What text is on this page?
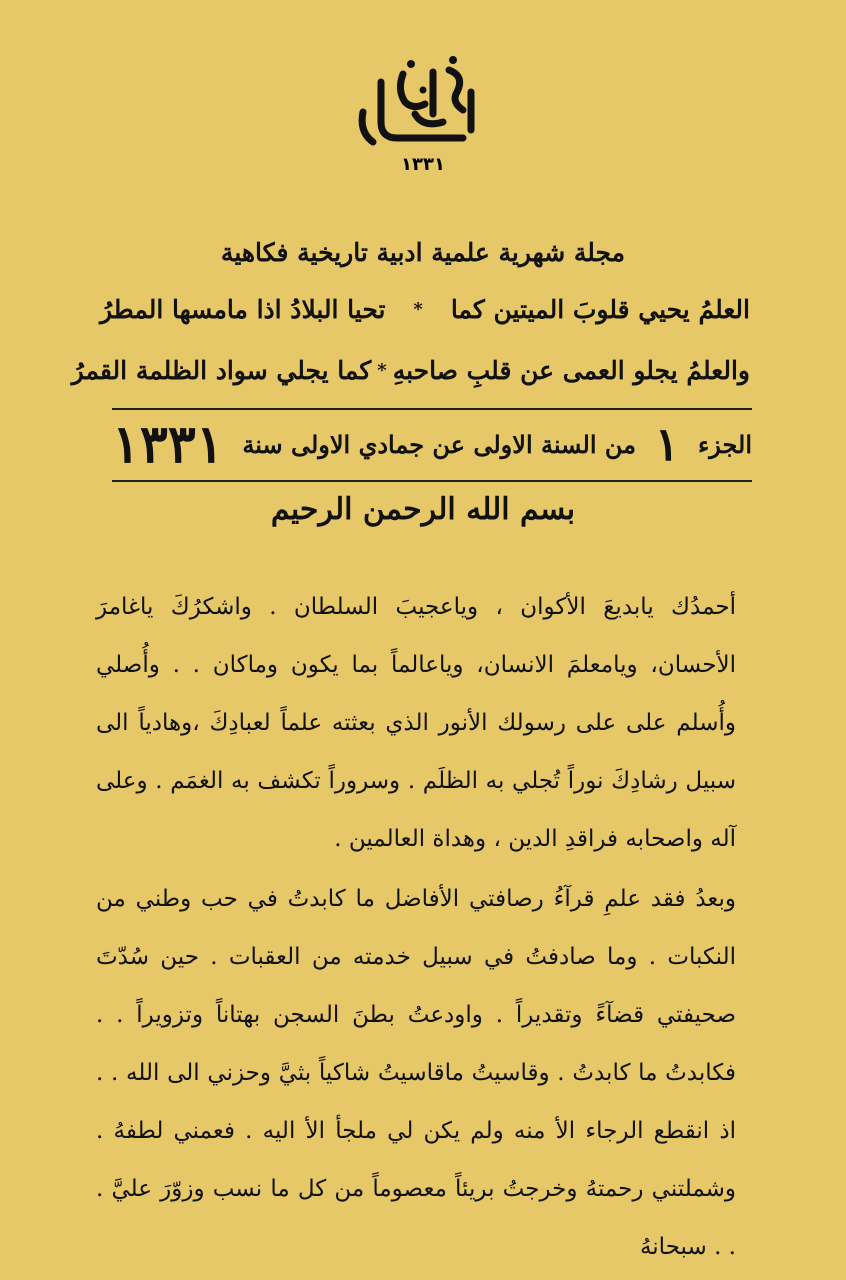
١٣٣١
مجلة شهرية علمية ادبية تاريخية فكاهية
العلمُ يحيي قلوبَ الميتين كما
*
تحيا البلادُ اذا مامسها المطرُ
والعلمُ يجلو العمى عن قلبِ صاحبهِ
*
كما يجلي سواد الظلمة القمرُ
الجزء
١
من السنة الاولى عن جمادي الاولى سنة
١٣٣١
بسم الله الرحمن الرحيم

أحمدُك يابديعَ الأكوان ، وياعجيبَ السلطان . واشكرُكَ ياغامرَ الأحسان، ويامعلمَ الانسان، وياعالماً بما يكون وماكان . . وأُصلي وأُسلم على على رسولك الأنور الذي بعثته علماً لعبادِكَ ،وهادياً الى سبيل رشادِكَ نوراً تُجلي به الظلَم . وسروراً تكشف به الغمَم . وعلى آله واصحابه فراقدِ الدين ، وهداة العالمين .

وبعدُ فقد علمِ قرآءُ رصافتي الأفاضل ما كابدتُ في حب وطني من النكبات . وما صادفتُ في سبيل خدمته من العقبات . حين سُدّتَ صحيفتي قضآءً وتقديراً . واودعتُ بطنَ السجن بهتاناً وتزويراً . . فكابدتُ ما كابدتُ . وقاسيتُ ماقاسيتُ شاكياً بثيَّ وحزني الى الله . . اذ انقطع الرجاء الأ منه ولم يكن لي ملجأ الأ اليه . فعمني لطفهُ . وشملتني رحمتهُ وخرجتُ بريئاً معصوماً من كل ما نسب وزوّرَ عليَّ . . . سبحانهُ
